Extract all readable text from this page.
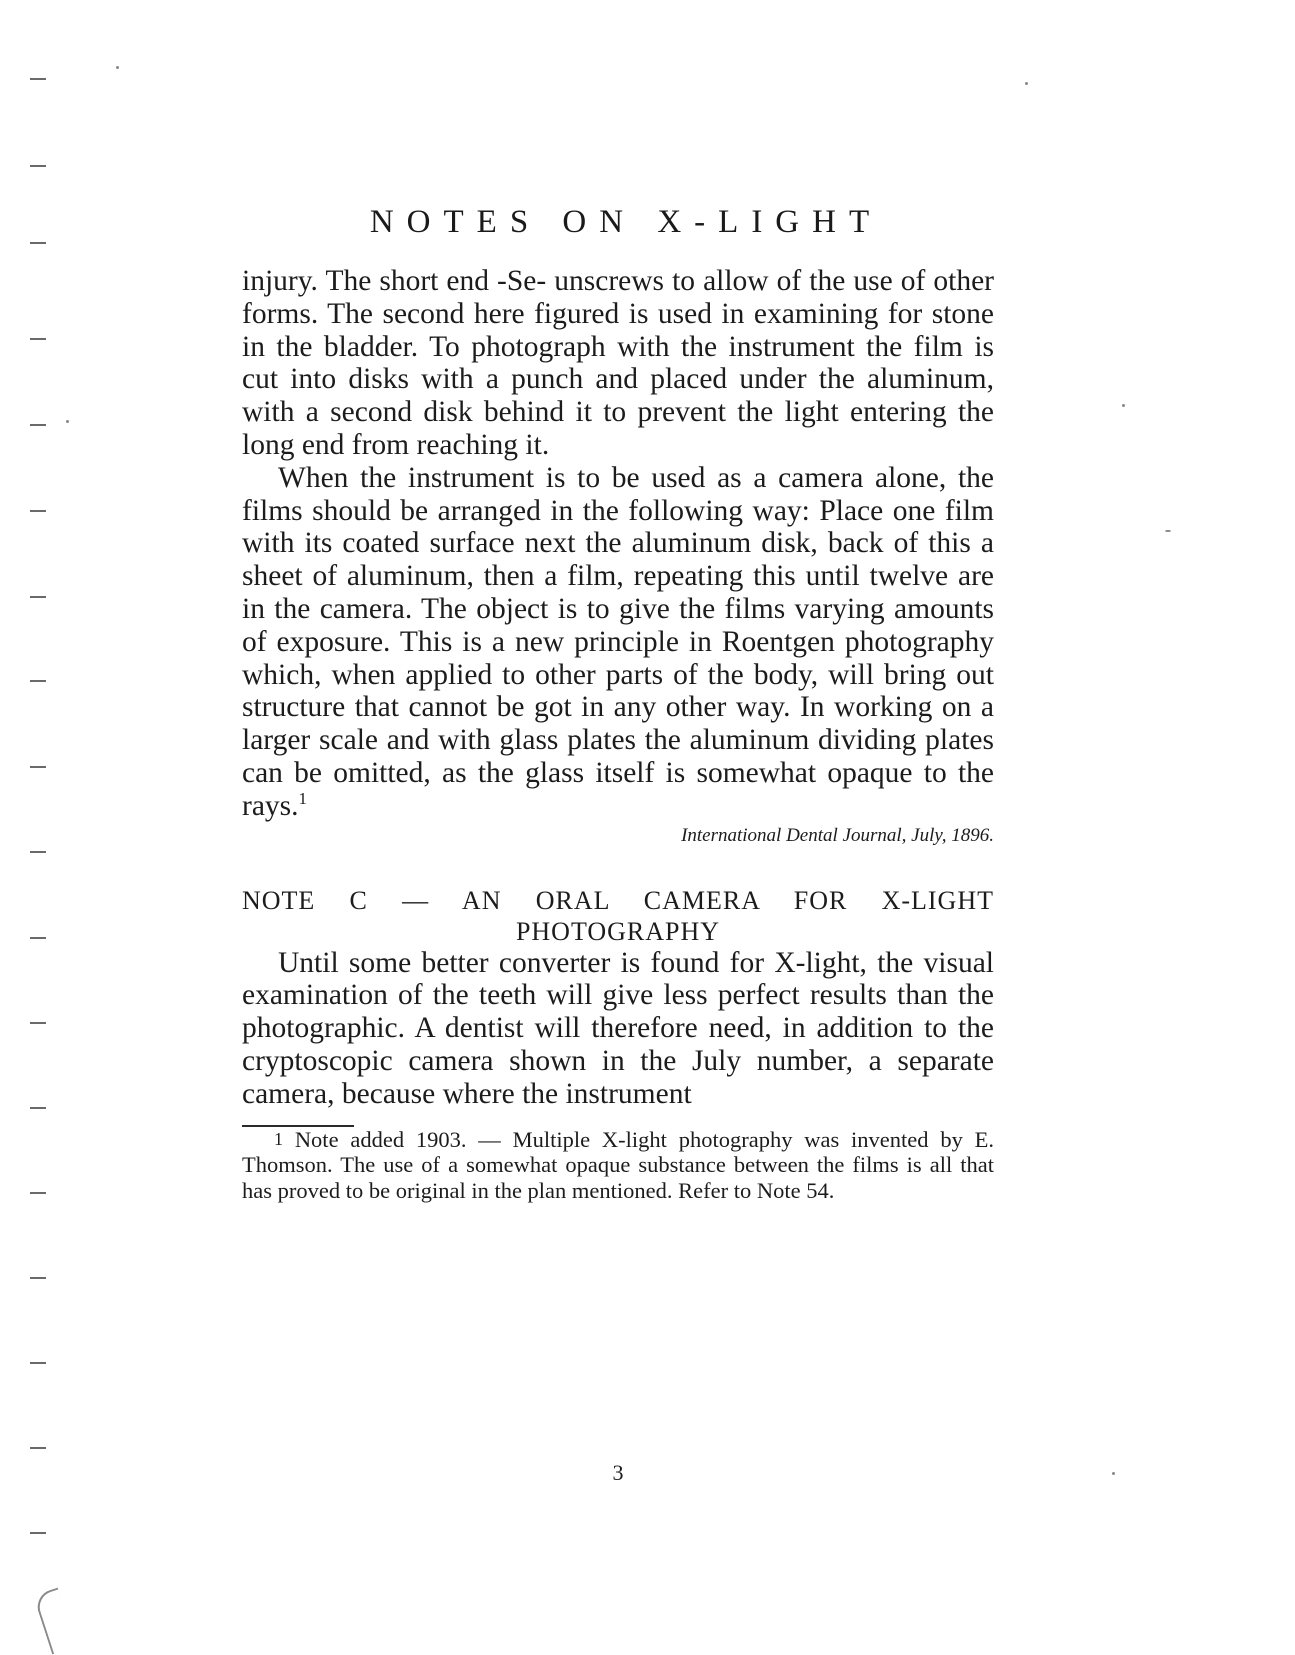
NOTES ON X-LIGHT

injury. The short end -Se- unscrews to allow of the use of other forms. The second here figured is used in examining for stone in the bladder. To photograph with the instrument the film is cut into disks with a punch and placed under the aluminum, with a second disk behind it to prevent the light entering the long end from reaching it.

When the instrument is to be used as a camera alone, the films should be arranged in the following way: Place one film with its coated surface next the aluminum disk, back of this a sheet of aluminum, then a film, repeating this until twelve are in the camera. The object is to give the films varying amounts of exposure. This is a new principle in Roentgen photography which, when applied to other parts of the body, will bring out structure that cannot be got in any other way. In working on a larger scale and with glass plates the aluminum dividing plates can be omitted, as the glass itself is somewhat opaque to the rays.$^1$

International Dental Journal, July, 1896.
NOTE C — AN ORAL CAMERA FOR X-LIGHT
PHOTOGRAPHY

Until some better converter is found for X-light, the visual examination of the teeth will give less perfect results than the photographic. A dentist will therefore need, in addition to the cryptoscopic camera shown in the July number, a separate camera, because where the instrument

$^1$ Note added 1903. — Multiple X-light photography was invented by E. Thomson. The use of a somewhat opaque substance between the films is all that has proved to be original in the plan mentioned. Refer to Note 54.

3
